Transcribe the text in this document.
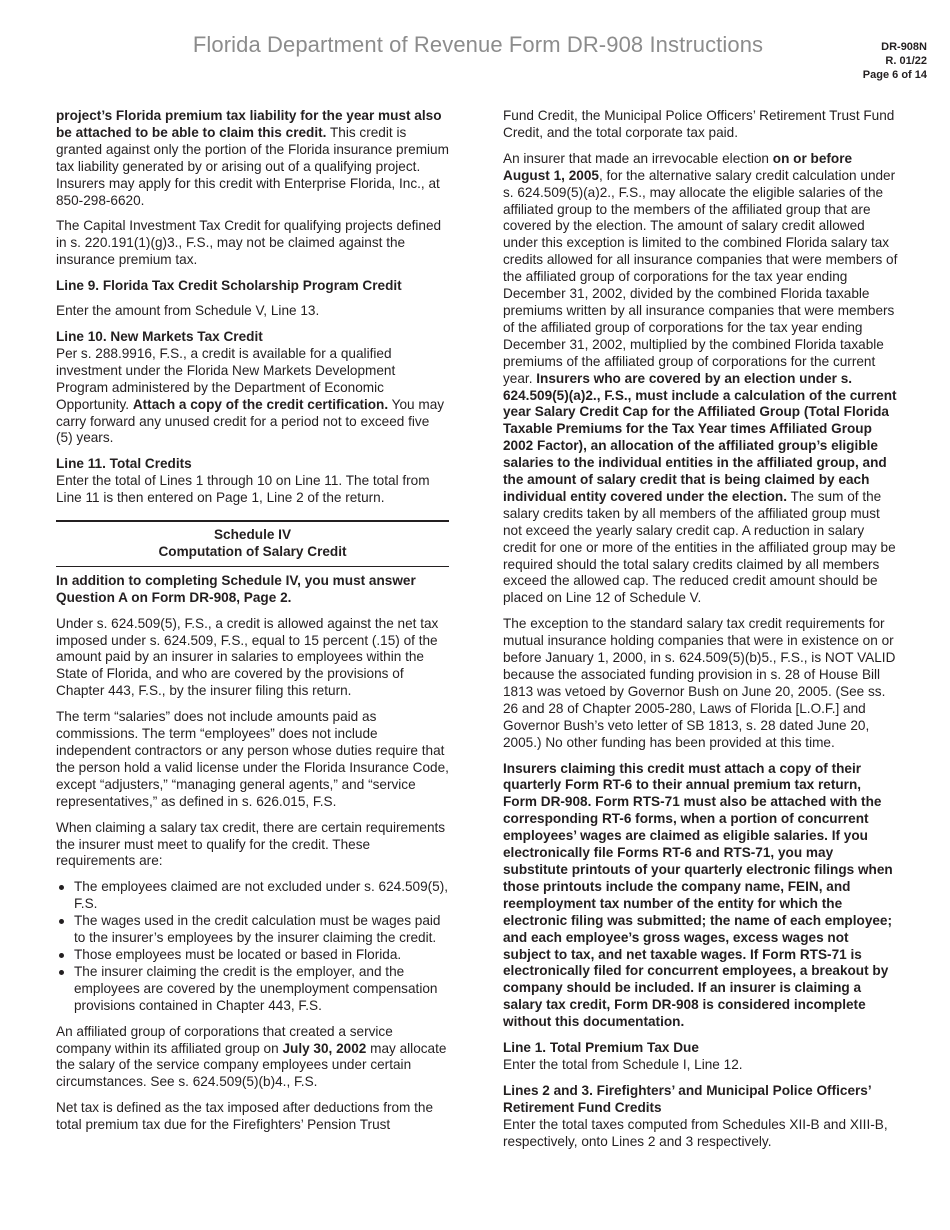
Florida Department of Revenue Form DR-908 Instructions	DR-908N
R. 01/22
Page 6 of 14

project’s Florida premium tax liability for the year must also be attached to be able to claim this credit. This credit is granted against only the portion of the Florida insurance premium tax liability generated by or arising out of a qualifying project. Insurers may apply for this credit with Enterprise Florida, Inc., at 850-298-6620.

The Capital Investment Tax Credit for qualifying projects defined in s. 220.191(1)(g)3., F.S., may not be claimed against the insurance premium tax.

Line 9. Florida Tax Credit Scholarship Program Credit

Enter the amount from Schedule V, Line 13.

Line 10. New Markets Tax Credit

Per s. 288.9916, F.S., a credit is available for a qualified investment under the Florida New Markets Development Program administered by the Department of Economic Opportunity. Attach a copy of the credit certification. You may carry forward any unused credit for a period not to exceed five (5) years.

Line 11. Total Credits

Enter the total of Lines 1 through 10 on Line 11. The total from Line 11 is then entered on Page 1, Line 2 of the return.

Schedule IV
Computation of Salary Credit

In addition to completing Schedule IV, you must answer Question A on Form DR-908, Page 2.

Under s. 624.509(5), F.S., a credit is allowed against the net tax imposed under s. 624.509, F.S., equal to 15 percent (.15) of the amount paid by an insurer in salaries to employees within the State of Florida, and who are covered by the provisions of Chapter 443, F.S., by the insurer filing this return.

The term “salaries” does not include amounts paid as commissions. The term “employees” does not include independent contractors or any person whose duties require that the person hold a valid license under the Florida Insurance Code, except “adjusters,” “managing general agents,” and “service representatives,” as defined in s. 626.015, F.S.

When claiming a salary tax credit, there are certain requirements the insurer must meet to qualify for the credit. These requirements are:

The employees claimed are not excluded under s. 624.509(5), F.S.
The wages used in the credit calculation must be wages paid to the insurer’s employees by the insurer claiming the credit.
Those employees must be located or based in Florida.
The insurer claiming the credit is the employer, and the employees are covered by the unemployment compensation provisions contained in Chapter 443, F.S.

An affiliated group of corporations that created a service company within its affiliated group on July 30, 2002 may allocate the salary of the service company employees under certain circumstances. See s. 624.509(5)(b)4., F.S.

Net tax is defined as the tax imposed after deductions from the total premium tax due for the Firefighters’ Pension Trust

Fund Credit, the Municipal Police Officers’ Retirement Trust Fund Credit, and the total corporate tax paid.

An insurer that made an irrevocable election on or before August 1, 2005, for the alternative salary credit calculation under s. 624.509(5)(a)2., F.S., may allocate the eligible salaries of the affiliated group to the members of the affiliated group that are covered by the election. The amount of salary credit allowed under this exception is limited to the combined Florida salary tax credits allowed for all insurance companies that were members of the affiliated group of corporations for the tax year ending December 31, 2002, divided by the combined Florida taxable premiums written by all insurance companies that were members of the affiliated group of corporations for the tax year ending December 31, 2002, multiplied by the combined Florida taxable premiums of the affiliated group of corporations for the current year. Insurers who are covered by an election under s. 624.509(5)(a)2., F.S., must include a calculation of the current year Salary Credit Cap for the Affiliated Group (Total Florida Taxable Premiums for the Tax Year times Affiliated Group 2002 Factor), an allocation of the affiliated group’s eligible salaries to the individual entities in the affiliated group, and the amount of salary credit that is being claimed by each individual entity covered under the election. The sum of the salary credits taken by all members of the affiliated group must not exceed the yearly salary credit cap. A reduction in salary credit for one or more of the entities in the affiliated group may be required should the total salary credits claimed by all members exceed the allowed cap. The reduced credit amount should be placed on Line 12 of Schedule V.

The exception to the standard salary tax credit requirements for mutual insurance holding companies that were in existence on or before January 1, 2000, in s. 624.509(5)(b)5., F.S., is NOT VALID because the associated funding provision in s. 28 of House Bill 1813 was vetoed by Governor Bush on June 20, 2005. (See ss. 26 and 28 of Chapter 2005-280, Laws of Florida [L.O.F.] and Governor Bush’s veto letter of SB 1813, s. 28 dated June 20, 2005.) No other funding has been provided at this time.

Insurers claiming this credit must attach a copy of their quarterly Form RT-6 to their annual premium tax return, Form DR-908. Form RTS-71 must also be attached with the corresponding RT-6 forms, when a portion of concurrent employees’ wages are claimed as eligible salaries. If you electronically file Forms RT-6 and RTS-71, you may substitute printouts of your quarterly electronic filings when those printouts include the company name, FEIN, and reemployment tax number of the entity for which the electronic filing was submitted; the name of each employee; and each employee’s gross wages, excess wages not subject to tax, and net taxable wages. If Form RTS-71 is electronically filed for concurrent employees, a breakout by company should be included. If an insurer is claiming a salary tax credit, Form DR-908 is considered incomplete without this documentation.

Line 1. Total Premium Tax Due

Enter the total from Schedule I, Line 12.

Lines 2 and 3. Firefighters’ and Municipal Police Officers’ Retirement Fund Credits

Enter the total taxes computed from Schedules XII-B and XIII-B, respectively, onto Lines 2 and 3 respectively.
